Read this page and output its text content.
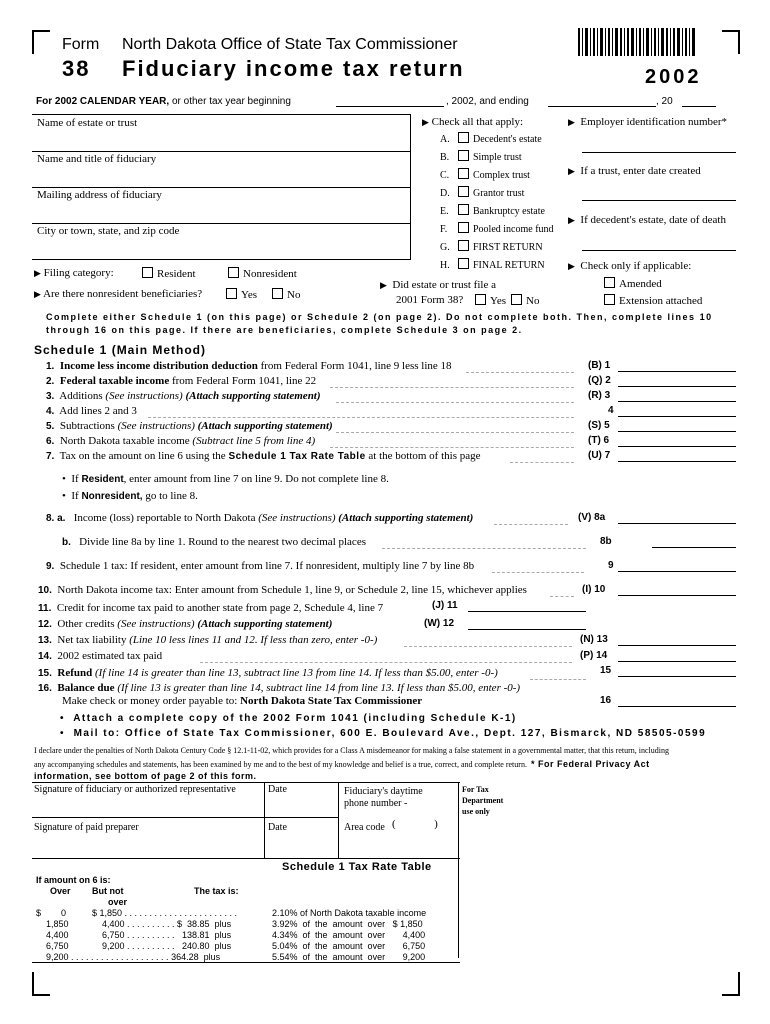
Form North Dakota Office of State Tax Commissioner
38 Fiduciary income tax return	2002
For 2002 CALENDAR YEAR, or other tax year beginning	, 2002, and ending	, 20
Name of estate or trust
Name and title of fiduciary
Mailing address of fiduciary
City or town, state, and zip code
▶ Check all that apply:
A. Decedent's estate
B. Simple trust
C. Complex trust
D. Grantor trust
E. Bankruptcy estate
F.	Pooled income fund
G. FIRST RETURN
H. FINAL RETURN
▶ Employer identification number*
▶ If a trust, enter date created
▶ If decedent's estate, date of death
▶ Check only if applicable:
Amended
Extension attached
▶ Filing category:	Resident	Nonresident
▶ Are there nonresident beneficiaries?	Yes	No
▶ Did estate or trust file a
2001 Form 38?	Yes	No
Complete either Schedule 1 (on this page) or Schedule 2 (on page 2). Do not complete both. Then, complete lines 10
through 16 on this page. If there are beneficiaries, complete Schedule 3 on page 2.
Schedule 1 (Main Method)
1. Income less income distribution deduction from Federal Form 1041, line 9 less line 18	(B) 1
2. Federal taxable income from Federal Form 1041, line 22	(Q) 2
3. Additions (See instructions) (Attach supporting statement)	(R) 3
4. Add lines 2 and 3	4
5. Subtractions (See instructions) (Attach supporting statement)	(S) 5
6. North Dakota taxable income (Subtract line 5 from line 4)	(T) 6
7. Tax on the amount on line 6 using the Schedule 1 Tax Rate Table at the bottom of this page	(U) 7
•  If Resident, enter amount from line 7 on line 9. Do not complete line 8.
•  If Nonresident, go to line 8.
8. a. Income (loss) reportable to North Dakota (See instructions) (Attach supporting statement)	(V) 8a
b. Divide line 8a by line 1. Round to the nearest two decimal places	8b
9. Schedule 1 tax: If resident, enter amount from line 7. If nonresident, multiply line 7 by line 8b	9
10. North Dakota income tax: Enter amount from Schedule 1, line 9, or Schedule 2, line 15, whichever applies	(I) 10
11. Credit for income tax paid to another state from page 2, Schedule 4, line 7	(J) 11
12. Other credits (See instructions) (Attach supporting statement)	(W) 12
13. Net tax liability (Line 10 less lines 11 and 12. If less than zero, enter -0-)	(N) 13
14. 2002 estimated tax paid	(P) 14
15. Refund (If line 14 is greater than line 13, subtract line 13 from line 14. If less than $5.00, enter -0-)	15
16. Balance due (If line 13 is greater than line 14, subtract line 14 from line 13. If less than $5.00, enter -0-)
Make check or money order payable to: North Dakota State Tax Commissioner	16
•  Attach a complete copy of the 2002 Form 1041 (including Schedule K-1)
•  Mail to: Office of State Tax Commissioner, 600 E. Boulevard Ave., Dept. 127, Bismarck, ND 58505-0599
I declare under the penalties of North Dakota Century Code § 12.1-11-02, which provides for a Class A misdemeanor for making a false statement in a governmental matter, that this return, including
any accompanying schedules and statements, has been examined by me and to the best of my knowledge and belief is a true, correct, and complete return. * For Federal Privacy Act
information, see bottom of page 2 of this form.
Signature of fiduciary or authorized representative	Date	Fiduciary's daytime
phone number -
Signature of paid preparer	Date	Area code (              )
For Tax
Department
use only
Schedule 1 Tax Rate Table
If amount on 6 is:
Over But not	The tax is:
over
$        0	$ 1,850 . . . . . . . . . . . . . . . . . . . . . . .	2.10% of North Dakota taxable income
1,850	4,400 . . . . . . . . . . $  38.85  plus	3.92%  of  the  amount  over   $ 1,850
4,400	6,750 . . . . . . . . . .   138.81  plus	4.34%  of  the  amount  over       4,400
6,750	9,200 . . . . . . . . . .   240.80  plus	5.04%  of  the  amount  over       6,750
9,200 . . . . . . . . . . . . . . . . . . . . 364.28  plus	5.54%  of  the  amount  over       9,200
